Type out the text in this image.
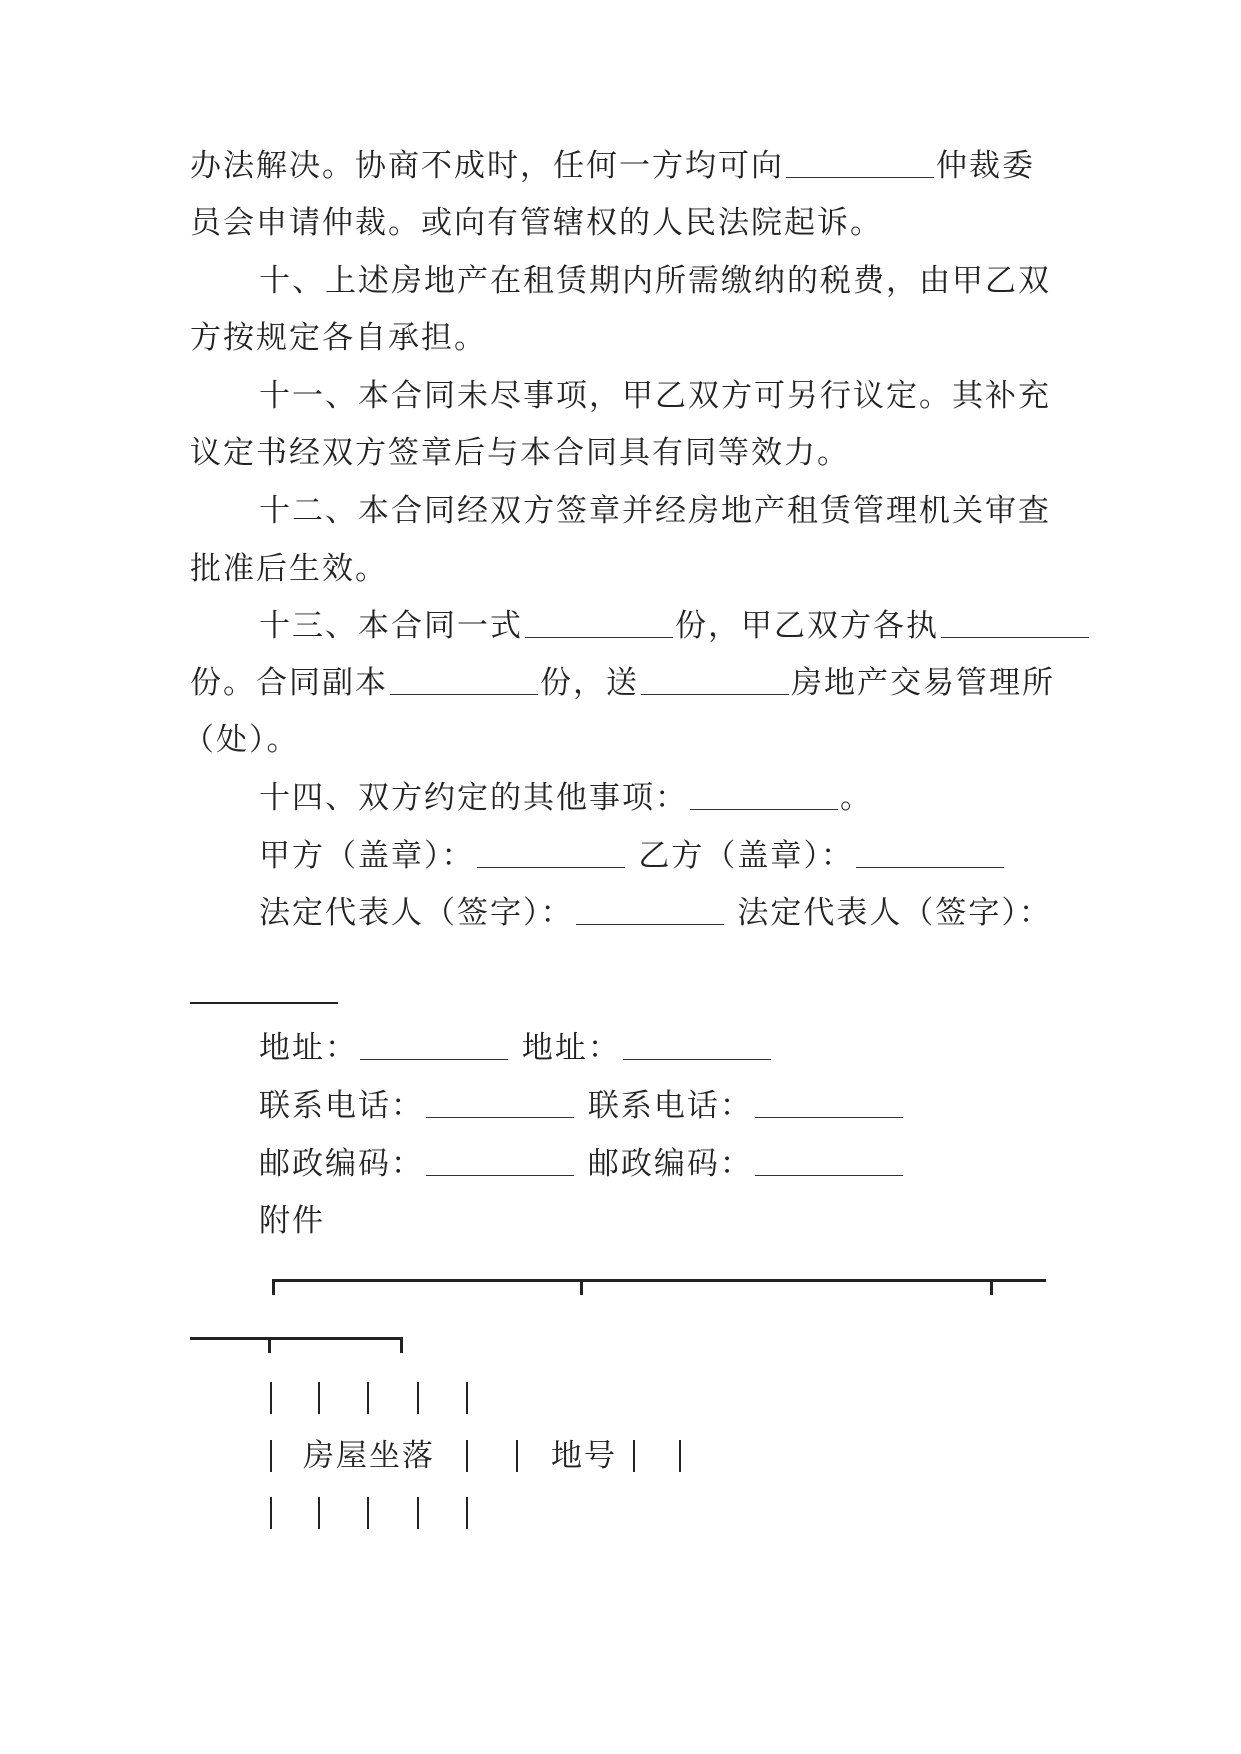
办法解决。协商不成时，任何一方均可向	仲裁委
员会申请仲裁。或向有管辖权的人民法院起诉。
十、上述房地产在租赁期内所需缴纳的税费，由甲乙双
方按规定各自承担。
十一、本合同未尽事项，甲乙双方可另行议定。其补充
议定书经双方签章后与本合同具有同等效力。
十二、本合同经双方签章并经房地产租赁管理机关审查
批准后生效。
十三、本合同一式	份，甲乙双方各执
份。合同副本	份，送	房地产交易管理所
（处）。
十四、双方约定的其他事项：	。
甲方（盖章）：	乙方（盖章）：
法定代表人（签字）：	法定代表人（签字）：
地址：	地址：
联系电话：	联系电话：
邮政编码：	邮政编码：
附件
房屋坐落	地号
